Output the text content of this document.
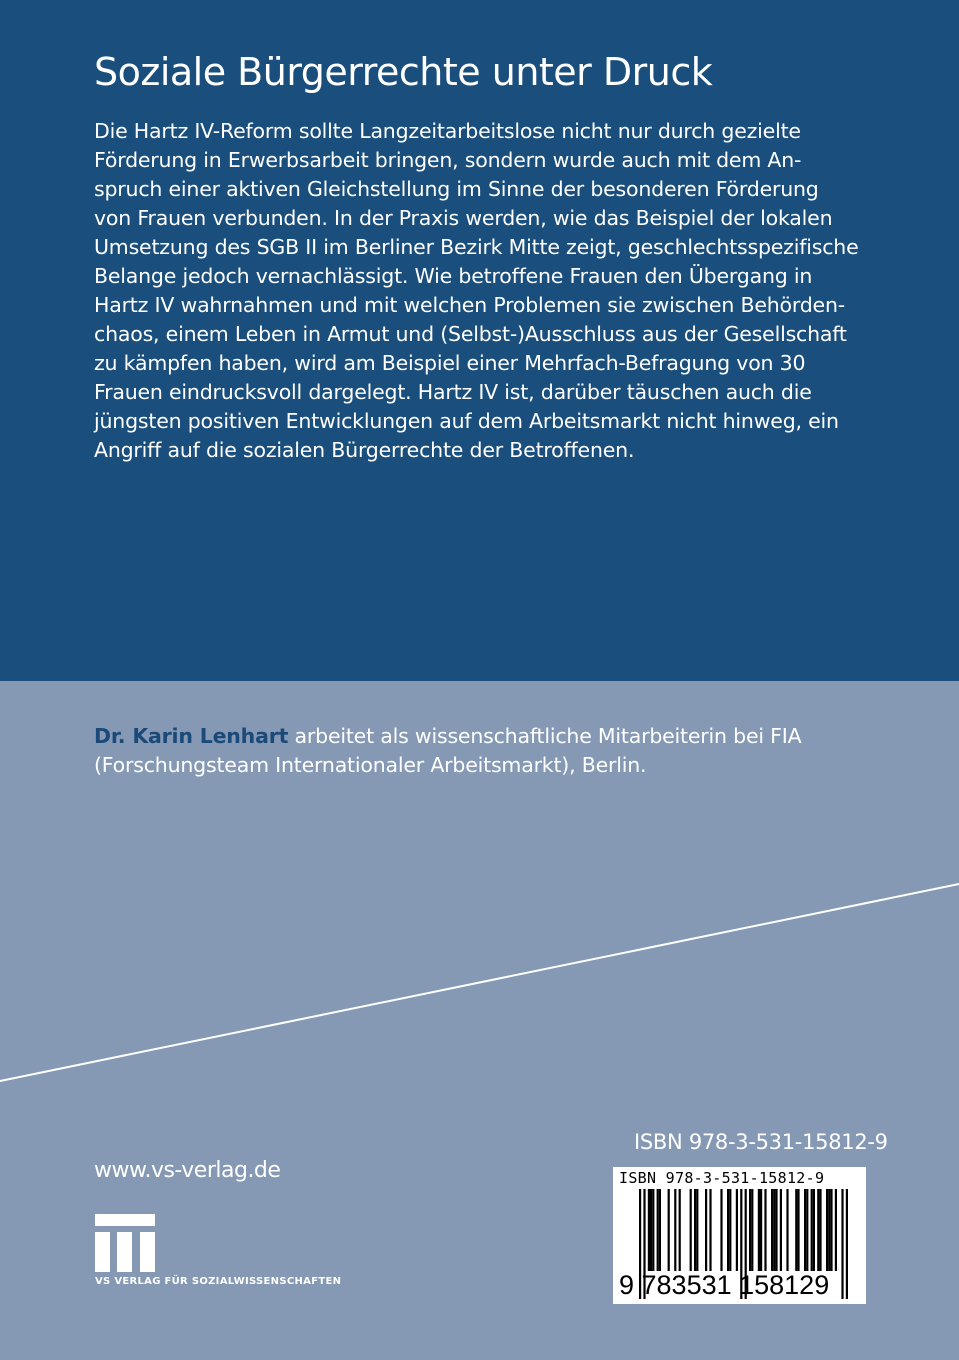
Soziale Bürgerrechte unter Druck
Die Hartz IV-Reform sollte Langzeitarbeitslose nicht nur durch gezielte
Förderung in Erwerbsarbeit bringen, sondern wurde auch mit dem An-
spruch einer aktiven Gleichstellung im Sinne der besonderen Förderung
von Frauen verbunden. In der Praxis werden, wie das Beispiel der lokalen
Umsetzung des SGB II im Berliner Bezirk Mitte zeigt, geschlechtsspezifische
Belange jedoch vernachlässigt. Wie betroffene Frauen den Übergang in
Hartz IV wahrnahmen und mit welchen Problemen sie zwischen Behörden-
chaos, einem Leben in Armut und (Selbst-)Ausschluss aus der Gesellschaft
zu kämpfen haben, wird am Beispiel einer Mehrfach-Befragung von 30
Frauen eindrucksvoll dargelegt. Hartz IV ist, darüber täuschen auch die
jüngsten positiven Entwicklungen auf dem Arbeitsmarkt nicht hinweg, ein
Angriff auf die sozialen Bürgerrechte der Betroffenen.
Dr. Karin Lenhart arbeitet als wissenschaftliche Mitarbeiterin bei FIA
(Forschungsteam Internationaler Arbeitsmarkt), Berlin.
www.vs-verlag.de
VS VERLAG FÜR SOZIALWISSENSCHAFTEN
ISBN 978-3-531-15812-9
ISBN 978-3-531-15812-9
9 783531 158129
